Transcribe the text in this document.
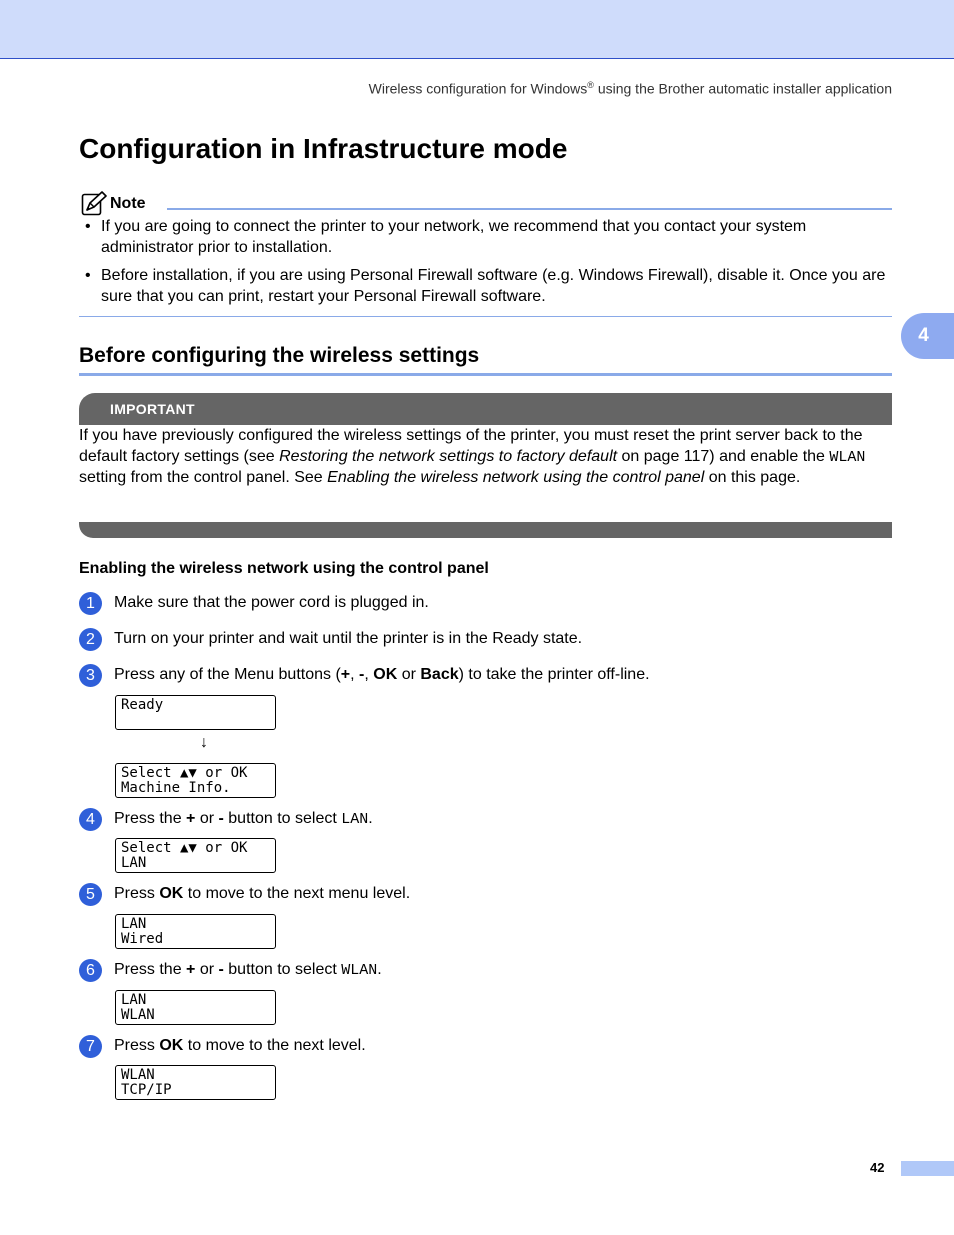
Wireless configuration for Windows® using the Brother automatic installer application
Configuration in Infrastructure mode
Note
• If you are going to connect the printer to your network, we recommend that you contact your system administrator prior to installation.
• Before installation, if you are using Personal Firewall software (e.g. Windows Firewall), disable it. Once you are sure that you can print, restart your Personal Firewall software.
4
Before configuring the wireless settings
IMPORTANT

If you have previously configured the wireless settings of the printer, you must reset the print server back to the default factory settings (see Restoring the network settings to factory default on page 117) and enable the WLAN setting from the control panel. See Enabling the wireless network using the control panel on this page.

Enabling the wireless network using the control panel
1	Make sure that the power cord is plugged in.
2	Turn on your printer and wait until the printer is in the Ready state.
3	Press any of the Menu buttons (+, -, OK or Back) to take the printer off-line.
Ready
↓
Select ▲▼ or OK
Machine Info.
4	Press the + or - button to select LAN.
Select ▲▼ or OK
LAN
5	Press OK to move to the next menu level.
LAN
Wired
6	Press the + or - button to select WLAN.
LAN
WLAN
7	Press OK to move to the next level.
WLAN
TCP/IP
42
